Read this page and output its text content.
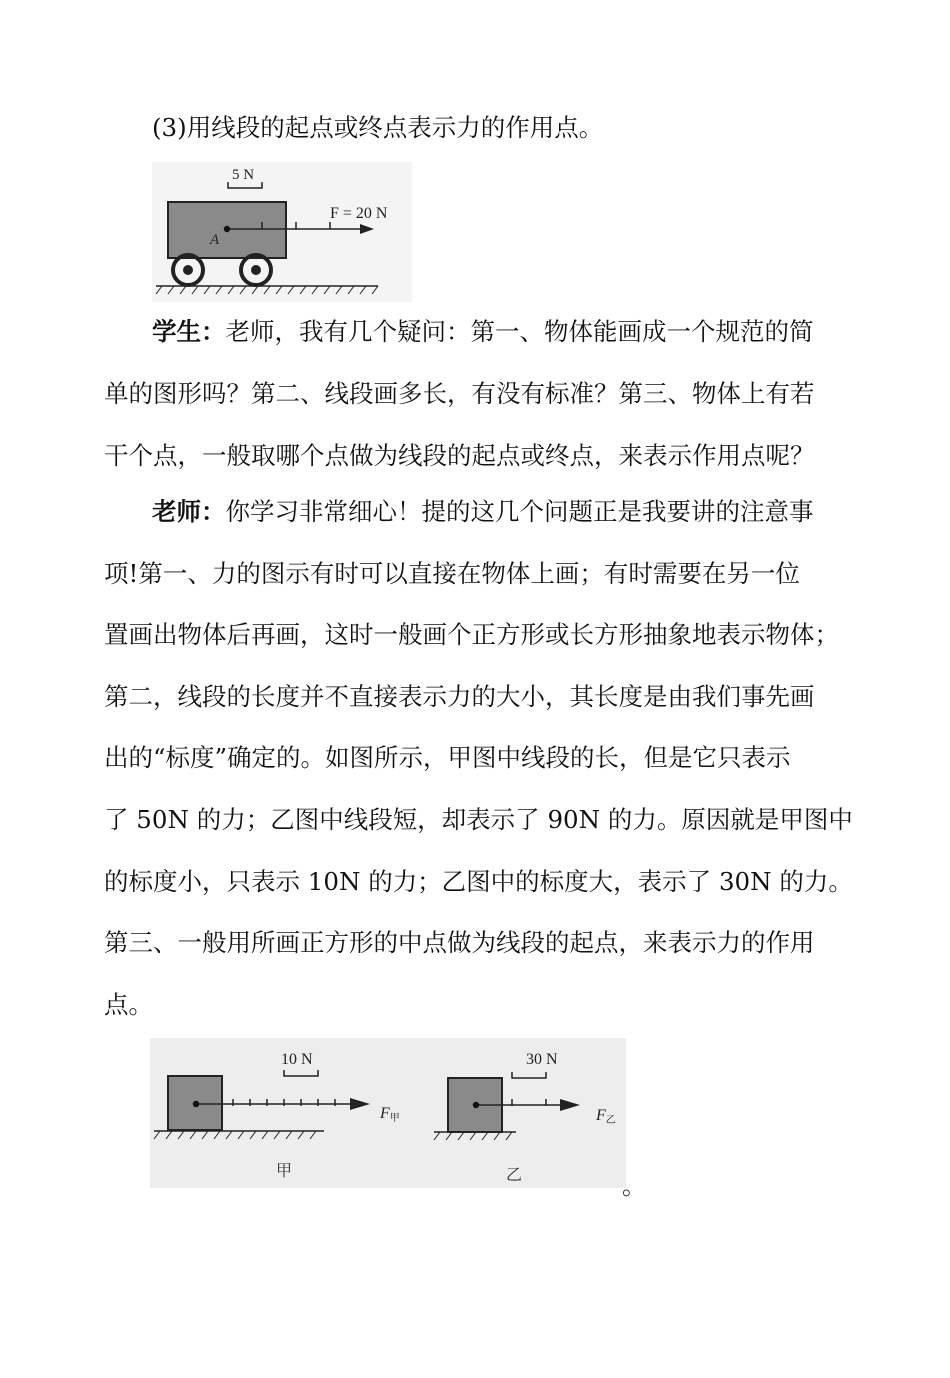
(3)用线段的起点或终点表示力的作用点。
5 N
A
F = 20 N
学生：老师，我有几个疑问：第一、物体能画成一个规范的简
单的图形吗？第二、线段画多长，有没有标准？第三、物体上有若
干个点，一般取哪个点做为线段的起点或终点，来表示作用点呢？
老师：你学习非常细心！提的这几个问题正是我要讲的注意事
项!第一、力的图示有时可以直接在物体上画；有时需要在另一位
置画出物体后再画，这时一般画个正方形或长方形抽象地表示物体；
第二，线段的长度并不直接表示力的大小，其长度是由我们事先画
出的“标度”确定的。如图所示，甲图中线段的长，但是它只表示
了 50N 的力；乙图中线段短，却表示了 90N 的力。原因就是甲图中
的标度小，只表示 10N 的力；乙图中的标度大，表示了 30N 的力。
第三、一般用所画正方形的中点做为线段的起点，来表示力的作用
点。
10 N
F甲
甲
30 N
F乙
乙	。
